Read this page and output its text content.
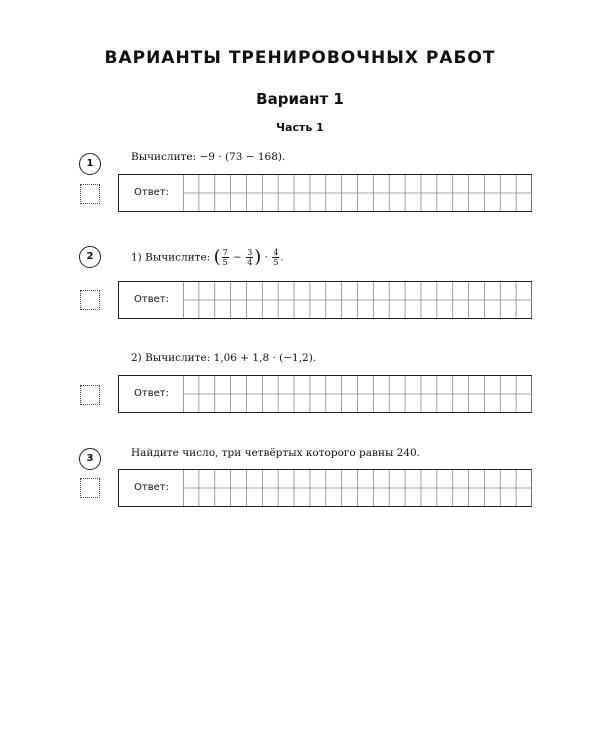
ВАРИАНТЫ ТРЕНИРОВОЧНЫХ РАБОТ
Вариант 1
Часть 1
1
Вычислите: −9 · (73 − 168).
Ответ:
2	1) Вычислите: ( $\frac{7}{5} - \frac{3}{4}$ ) · $\frac{4}{5}$ .
Ответ:
2) Вычислите: 1,06 + 1,8 · (−1,2).
Ответ:
3	Найдите число, три четвёртых которого равны 240.
Ответ:
